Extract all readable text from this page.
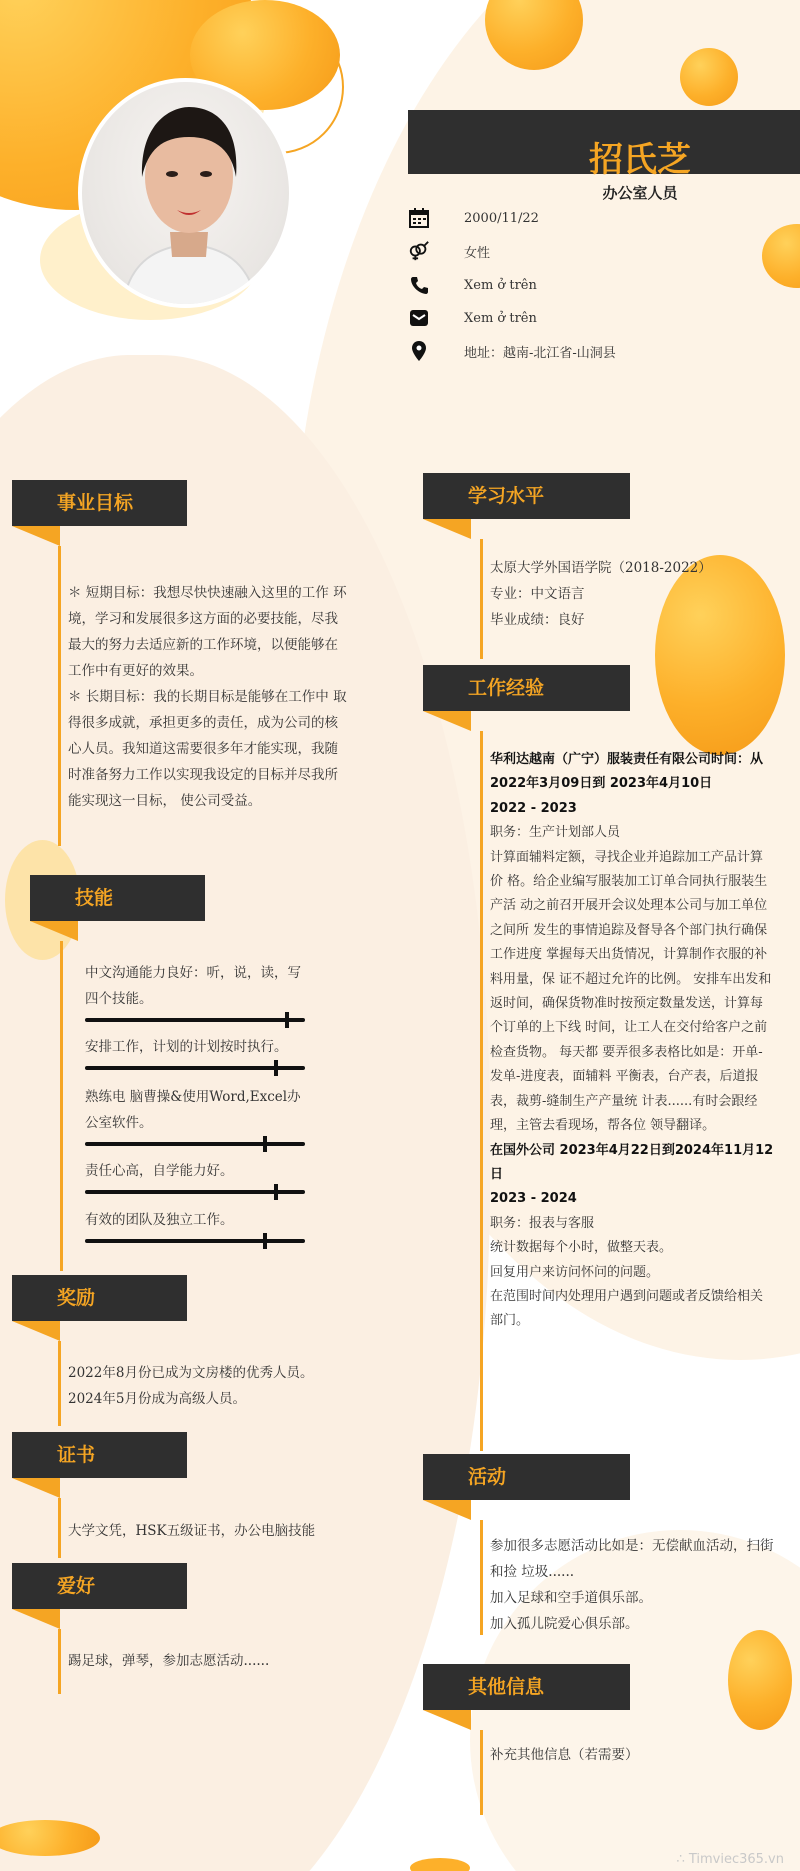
招氏芝
办公室人员
2000/11/22
女性
Xem ở trên
Xem ở trên
地址：越南-北江省-山洞县
事业目标

＊ 短期目标：我想尽快快速融入这里的工作 环 境，学习和发展很多这方面的必要技能，尽我 最大的努力去适应新的工作环境，以便能够在 工作中有更好的效果。

＊ 长期目标：我的长期目标是能够在工作中 取 得很多成就，承担更多的责任，成为公司的核 心人员。我知道这需要很多年才能实现，我随 时准备努力工作以实现我设定的目标并尽我所 能实现这一目标， 使公司受益。

技能
中文沟通能力良好：听，说，读，写 四个技能。
安排工作，计划的计划按时执行。
熟练电 脑曹操&使用Word,Excel办公室软件。
责任心高，自学能力好。
有效的团队及独立工作。
奖励

2022年8月份已成为文房楼的优秀人员。

2024年5月份成为高级人员。

证书

大学文凭，HSK五级证书，办公电脑技能

爱好

踢足球，弹琴，参加志愿活动......

学习水平

太原大学外国语学院（2018-2022）

专业：中文语言

毕业成绩：良好

工作经验

华利达越南（广宁）服装责任有限公司时间：从 2022年3月09日到 2023年4月10日

2022 - 2023

职务：生产计划部人员

计算面辅料定额，寻找企业并追踪加工产品计算价 格。给企业编写服装加工订单合同执行服装生产活 动之前召开展开会议处理本公司与加工单位之间所 发生的事情追踪及督导各个部门执行确保工作进度 掌握每天出货情况，计算制作衣服的补料用量，保 证不超过允许的比例。 安排车出发和返时间，确保货物准时按预定数量发送，计算每个订单的上下线 时间，让工人在交付给客户之前检查货物。 每天都 要弄很多表格比如是：开单-发单-进度表，面辅料 平衡表，台产表，后道报表，裁剪-缝制生产产量统 计表......有时会跟经理，主管去看现场，帮各位 领导翻译。

在国外公司 2023年4月22日到2024年11月12日

2023 - 2024

职务：报表与客服

统计数据每个小时，做整天表。

回复用户来访问怀问的问题。

在范围时间内处理用户遇到问题或者反馈给相关部门。

活动

参加很多志愿活动比如是：无偿献血活动，扫街和捡 垃圾......

加入足球和空手道俱乐部。

加入孤儿院爱心俱乐部。

其他信息

补充其他信息（若需要）

∴ Timviec365.vn
